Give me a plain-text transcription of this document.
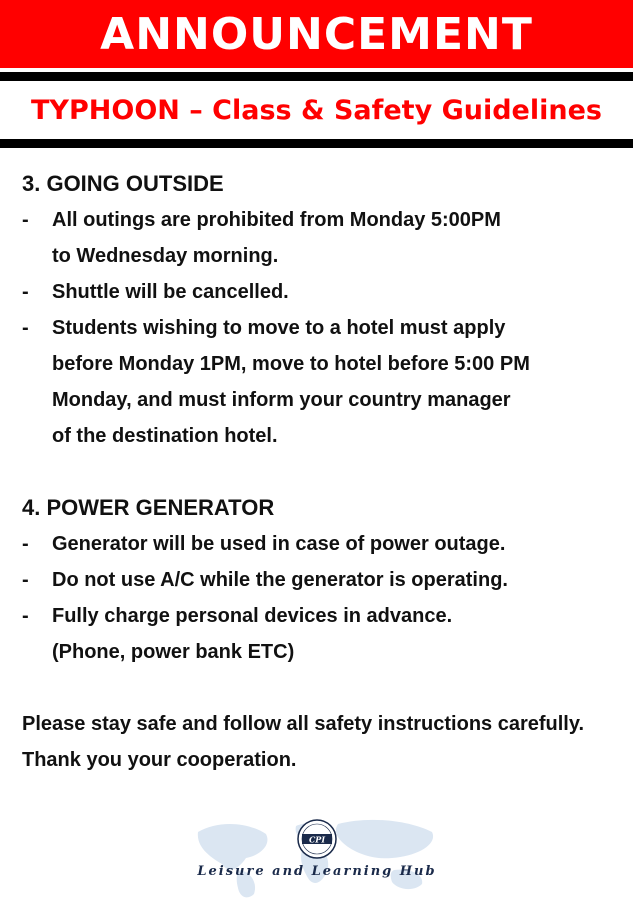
ANNOUNCEMENT
TYPHOON – Class & Safety Guidelines

3. GOING OUTSIDE

-	All outings are prohibited from Monday 5:00PM

to Wednesday morning.

-	Shuttle will be cancelled.
-	Students wishing to move to a hotel must apply

before Monday 1PM, move to hotel before 5:00 PM

Monday, and must inform your country manager

of the destination hotel.

4. POWER GENERATOR

-	Generator will be used in case of power outage.
-	Do not use A/C while the generator is operating.
-	Fully charge personal devices in advance.

(Phone, power bank ETC)

Please stay safe and follow all safety instructions carefully.

Thank you your cooperation.

CPI
Leisure and Learning Hub
